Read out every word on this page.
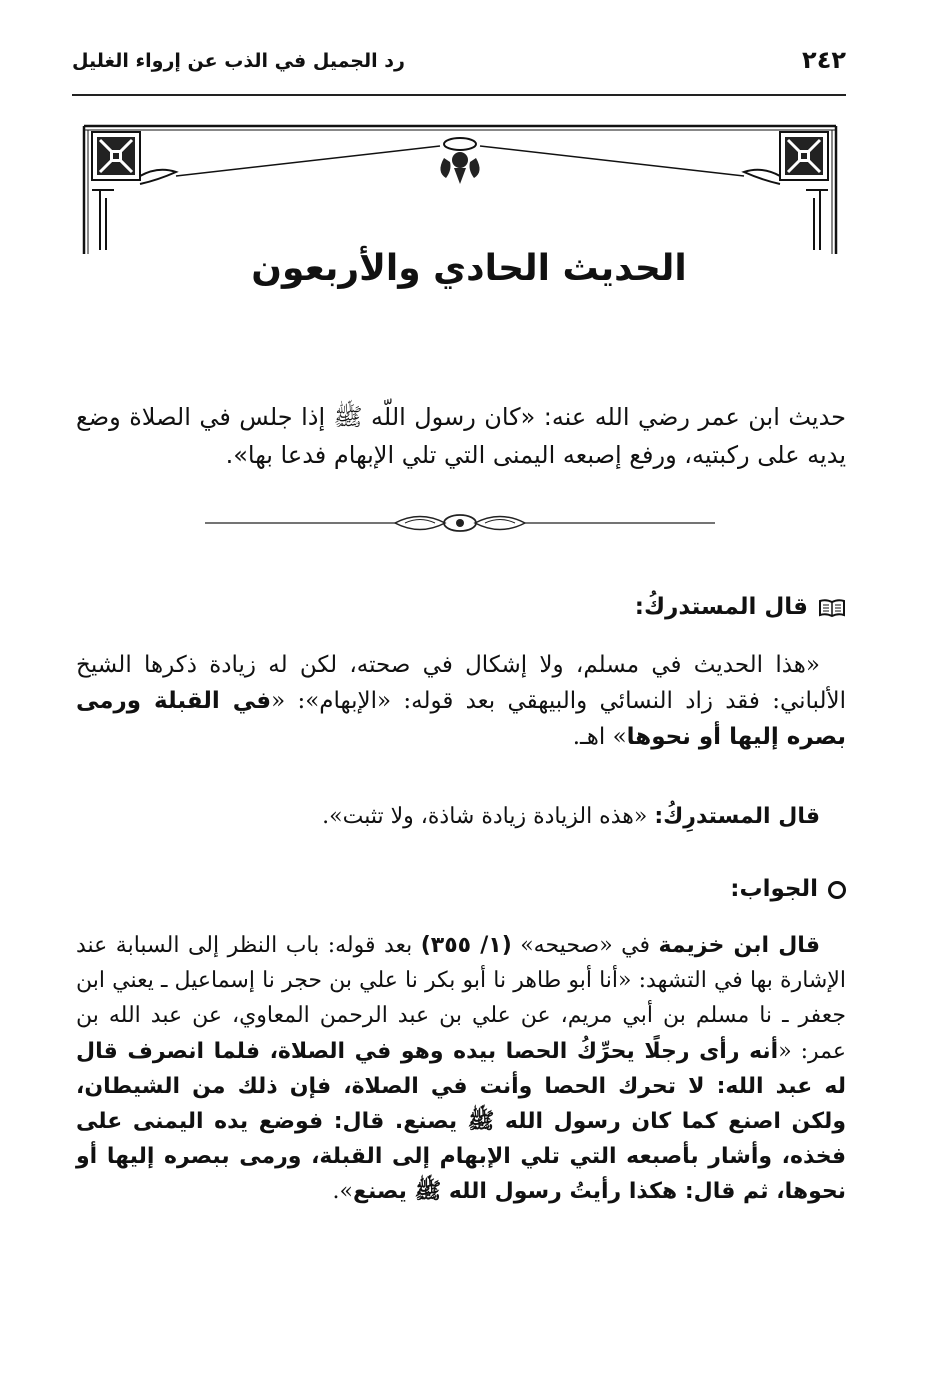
٢٤٢
رد الجميل في الذب عن إرواء الغليل
الحديث الحادي والأربعون
حديث ابن عمر رضي الله عنه: «كان رسول اللّه ﷺ إذا جلس في الصلاة وضع يديه على ركبتيه، ورفع إصبعه اليمنى التي تلي الإبهام فدعا بها».
قال المستدركُ:
«هذا الحديث في مسلم، ولا إشكال في صحته، لكن له زيادة ذكرها الشيخ الألباني: فقد زاد النسائي والبيهقي بعد قوله: «الإبهام»: «في القبلة ورمى بصره إليها أو نحوها» اهـ.
قال المستدرِكُ: «هذه الزيادة زيادة شاذة، ولا تثبت».
الجواب:
قال ابن خزيمة في «صحيحه» (١/ ٣٥٥) بعد قوله: باب النظر إلى السبابة عند الإشارة بها في التشهد: «أنا أبو طاهر نا أبو بكر نا علي بن حجر نا إسماعيل ـ يعني ابن جعفر ـ نا مسلم بن أبي مريم، عن علي بن عبد الرحمن المعاوي، عن عبد الله بن عمر: «أنه رأى رجلًا يحرِّكُ الحصا بيده وهو في الصلاة، فلما انصرف قال له عبد الله: لا تحرك الحصا وأنت في الصلاة، فإن ذلك من الشيطان، ولكن اصنع كما كان رسول الله ﷺ يصنع. قال: فوضع يده اليمنى على فخذه، وأشار بأصبعه التي تلي الإبهام إلى القبلة، ورمى ببصره إليها أو نحوها، ثم قال: هكذا رأيتُ رسول الله ﷺ يصنع».
